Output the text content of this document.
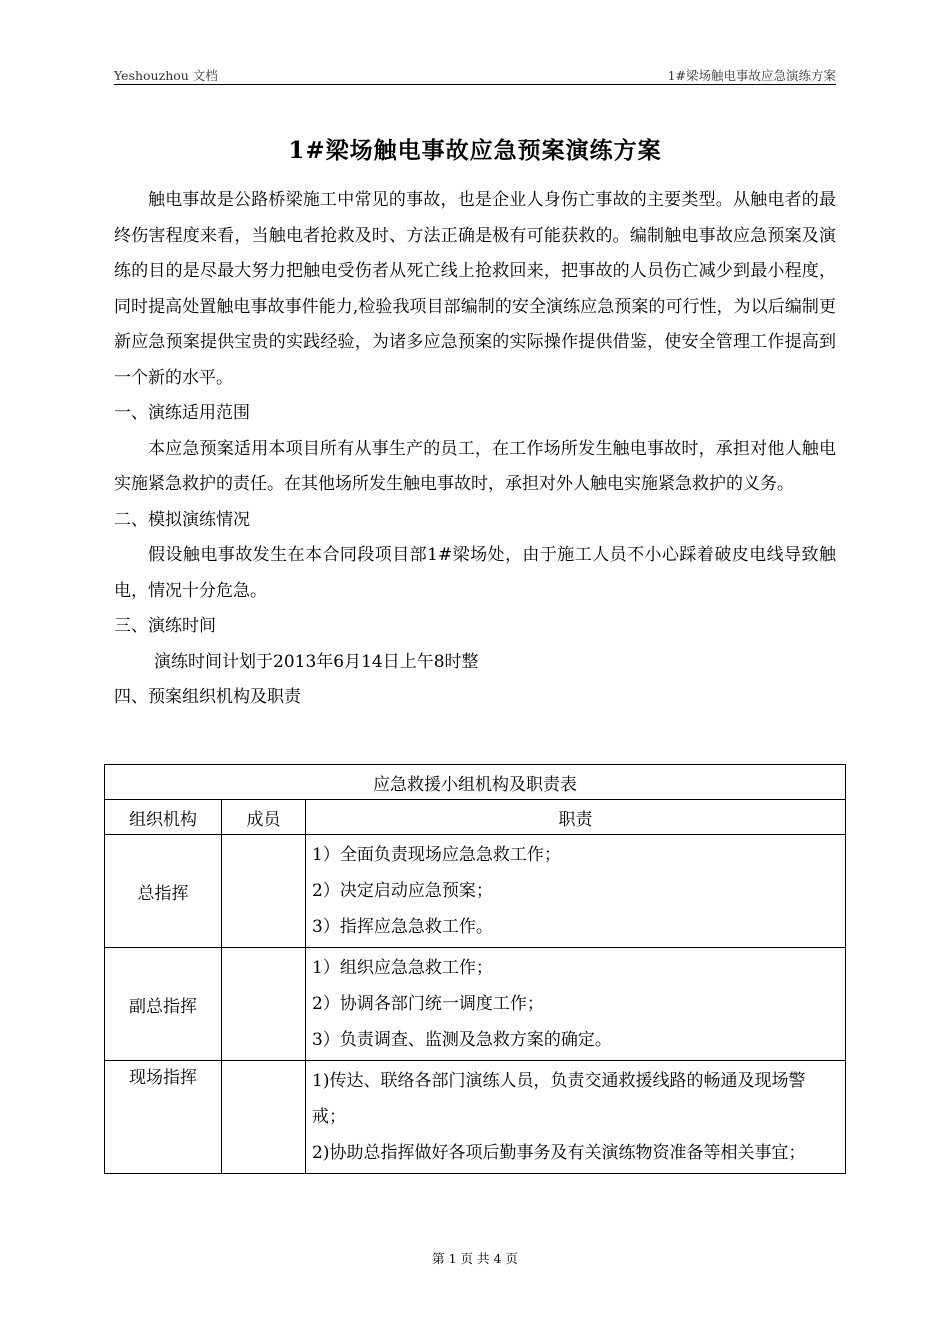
Yeshouzhou 文档	1#梁场触电事故应急演练方案
1#梁场触电事故应急预案演练方案

触电事故是公路桥梁施工中常见的事故，也是企业人身伤亡事故的主要类型。从触电者的最终伤害程度来看，当触电者抢救及时、方法正确是极有可能获救的。编制触电事故应急预案及演练的目的是尽最大努力把触电受伤者从死亡线上抢救回来，把事故的人员伤亡减少到最小程度，同时提高处置触电事故事件能力,检验我项目部编制的安全演练应急预案的可行性，为以后编制更新应急预案提供宝贵的实践经验，为诸多应急预案的实际操作提供借鉴，使安全管理工作提高到一个新的水平。

一、演练适用范围

本应急预案适用本项目所有从事生产的员工，在工作场所发生触电事故时，承担对他人触电实施紧急救护的责任。在其他场所发生触电事故时，承担对外人触电实施紧急救护的义务。

二、模拟演练情况

假设触电事故发生在本合同段项目部1#梁场处，由于施工人员不小心踩着破皮电线导致触电，情况十分危急。

三、演练时间

演练时间计划于2013年6月14日上午8时整

四、预案组织机构及职责

应急救援小组机构及职责表		
组织机构	成员	职责
总指挥		1）全面负责现场应急急救工作；
2）决定启动应急预案；
3）指挥应急急救工作。

副总指挥		1）组织应急急救工作；
2）协调各部门统一调度工作；
3）负责调查、监测及急救方案的确定。

现场指挥		1)传达、联络各部门演练人员，负责交通救援线路的畅通及现场警戒；
2)协助总指挥做好各项后勤事务及有关演练物资准备等相关事宜；
第 1 页 共 4 页
